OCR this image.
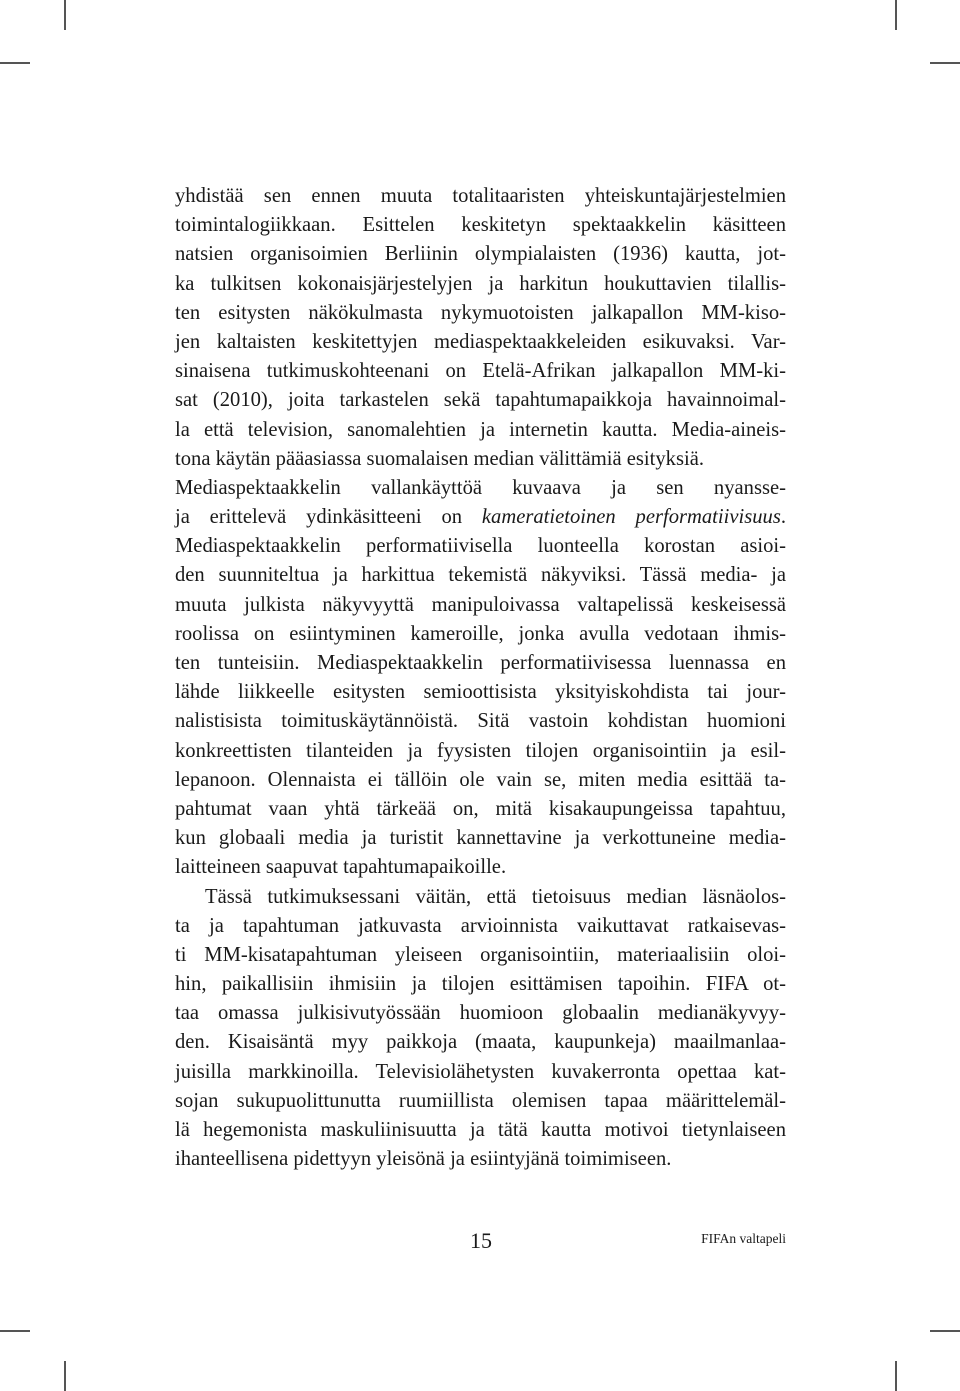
yhdistää sen ennen muuta totalitaaristen yhteiskuntajärjestelmien
toimintalogiikkaan. Esittelen keskitetyn spektaakkelin käsitteen
natsien organisoimien Berliinin olympialaisten (1936) kautta, jot-
ka tulkitsen kokonaisjärjestelyjen ja harkitun houkuttavien tilallis-
ten esitysten näkökulmasta nykymuotoisten jalkapallon MM-kiso-
jen kaltaisten keskitettyjen mediaspektaakkeleiden esikuvaksi. Var-
sinaisena tutkimuskohteenani on Etelä-Afrikan jalkapallon MM-ki-
sat (2010), joita tarkastelen sekä tapahtumapaikkoja havainnoimal-
la että television, sanomalehtien ja internetin kautta. Media-aineis-
tona käytän pääasiassa suomalaisen median välittämiä esityksiä.
Mediaspektaakkelin vallankäyttöä kuvaava ja sen nyansse-
ja erittelevä ydinkäsitteeni on kameratietoinen performatiivisuus.
Mediaspektaakkelin performatiivisella luonteella korostan asioi-
den suunniteltua ja harkittua tekemistä näkyviksi. Tässä media- ja
muuta julkista näkyvyyttä manipuloivassa valtapelissä keskeisessä
roolissa on esiintyminen kameroille, jonka avulla vedotaan ihmis-
ten tunteisiin. Mediaspektaakkelin performatiivisessa luennassa en
lähde liikkeelle esitysten semioottisista yksityiskohdista tai jour-
nalistisista toimituskäytännöistä. Sitä vastoin kohdistan huomioni
konkreettisten tilanteiden ja fyysisten tilojen organisointiin ja esil-
lepanoon. Olennaista ei tällöin ole vain se, miten media esittää ta-
pahtumat vaan yhtä tärkeää on, mitä kisakaupungeissa tapahtuu,
kun globaali media ja turistit kannettavine ja verkottuneine media-
laitteineen saapuvat tapahtumapaikoille.
Tässä tutkimuksessani väitän, että tietoisuus median läsnäolos-
ta ja tapahtuman jatkuvasta arvioinnista vaikuttavat ratkaisevas-
ti MM-kisatapahtuman yleiseen organisointiin, materiaalisiin oloi-
hin, paikallisiin ihmisiin ja tilojen esittämisen tapoihin. FIFA ot-
taa omassa julkisivutyössään huomioon globaalin medianäkyvyy-
den. Kisaisäntä myy paikkoja (maata, kaupunkeja) maailmanlaa-
juisilla markkinoilla. Televisiolähetysten kuvakerronta opettaa kat-
sojan sukupuolittunutta ruumiillista olemisen tapaa määrittelemäl-
lä hegemonista maskuliinisuutta ja tätä kautta motivoi tietynlaiseen
ihanteellisena pidettyyn yleisönä ja esiintyjänä toimimiseen.
15	FIFAn valtapeli
